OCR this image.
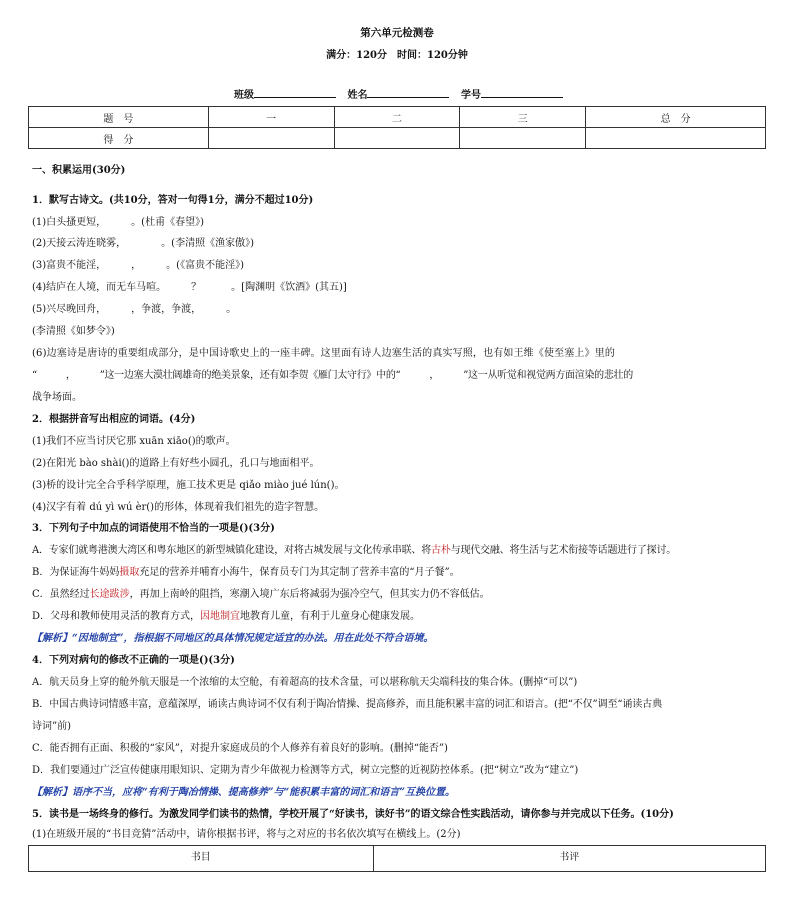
第六单元检测卷
满分：120分　时间：120分钟
班级	姓名	学号
题　号	一	二	三	总　分
得　分				
一、积累运用(30分)
1．默写古诗文。(共10分，答对一句得1分，满分不超过10分)
(1)白头搔更短，　　　。(杜甫《春望》)
(2)天接云涛连晓雾，　　　　。(李清照《渔家傲》)
(3)富贵不能淫，　　　，　　　。(《富贵不能淫》)
(4)结庐在人境，而无车马喧。　　　？　　　。[陶渊明《饮酒》(其五)]
(5)兴尽晚回舟，　　　，争渡，争渡，　　　。
(李清照《如梦令》)
(6)边塞诗是唐诗的重要组成部分，是中国诗歌史上的一座丰碑。这里面有诗人边塞生活的真实写照，也有如王维《使至塞上》里的
“　　　，　　　”这一边塞大漠壮阔雄奇的绝美景象，还有如李贺《雁门太守行》中的“　　　，　　　”这一从听觉和视觉两方面渲染的悲壮的
战争场面。
2．根据拼音写出相应的词语。(4分)
(1)我们不应当讨厌它那 xuān xiāo()的歌声。
(2)在阳光 bào shài()的道路上有好些小圆孔，孔口与地面相平。
(3)桥的设计完全合乎科学原理，施工技术更是 qiǎo miào jué lún()。
(4)汉字有着 dú yì wú èr()的形体，体现着我们祖先的造字智慧。
3．下列句子中加点的词语使用不恰当的一项是()(3分)
A．专家们就粤港澳大湾区和粤东地区的新型城镇化建设，对将古城发展与文化传承串联、将古朴与现代交融、将生活与艺术衔接等话题进行了探讨。
B．为保证海牛妈妈摄取充足的营养并哺育小海牛，保育员专门为其定制了营养丰富的“月子餐”。
C．虽然经过长途跋涉，再加上南岭的阻挡，寒潮入境广东后将减弱为强冷空气，但其实力仍不容低估。
D．父母和教师使用灵活的教育方式，因地制宜地教育儿童，有利于儿童身心健康发展。
【解析】“因地制宜”，指根据不同地区的具体情况规定适宜的办法。用在此处不符合语境。
4．下列对病句的修改不正确的一项是()(3分)
A．航天员身上穿的舱外航天服是一个浓缩的太空舱，有着超高的技术含量，可以堪称航天尖端科技的集合体。(删掉“可以”)
B．中国古典诗词情感丰富，意蕴深厚，诵读古典诗词不仅有利于陶冶情操、提高修养，而且能积累丰富的词汇和语言。(把“不仅”调至“诵读古典
诗词”前)
C．能否拥有正面、积极的“家风”，对提升家庭成员的个人修养有着良好的影响。(删掉“能否”)
D．我们要通过广泛宣传健康用眼知识、定期为青少年做视力检测等方式，树立完整的近视防控体系。(把“树立”改为“建立”)
【解析】语序不当，应将“有利于陶冶情操、提高修养”与“能积累丰富的词汇和语言”互换位置。
5．读书是一场终身的修行。为激发同学们读书的热情，学校开展了“好读书，读好书”的语文综合性实践活动，请你参与并完成以下任务。(10分)
(1)在班级开展的“书目竞猜”活动中，请你根据书评，将与之对应的书名依次填写在横线上。(2分)
书目	书评
